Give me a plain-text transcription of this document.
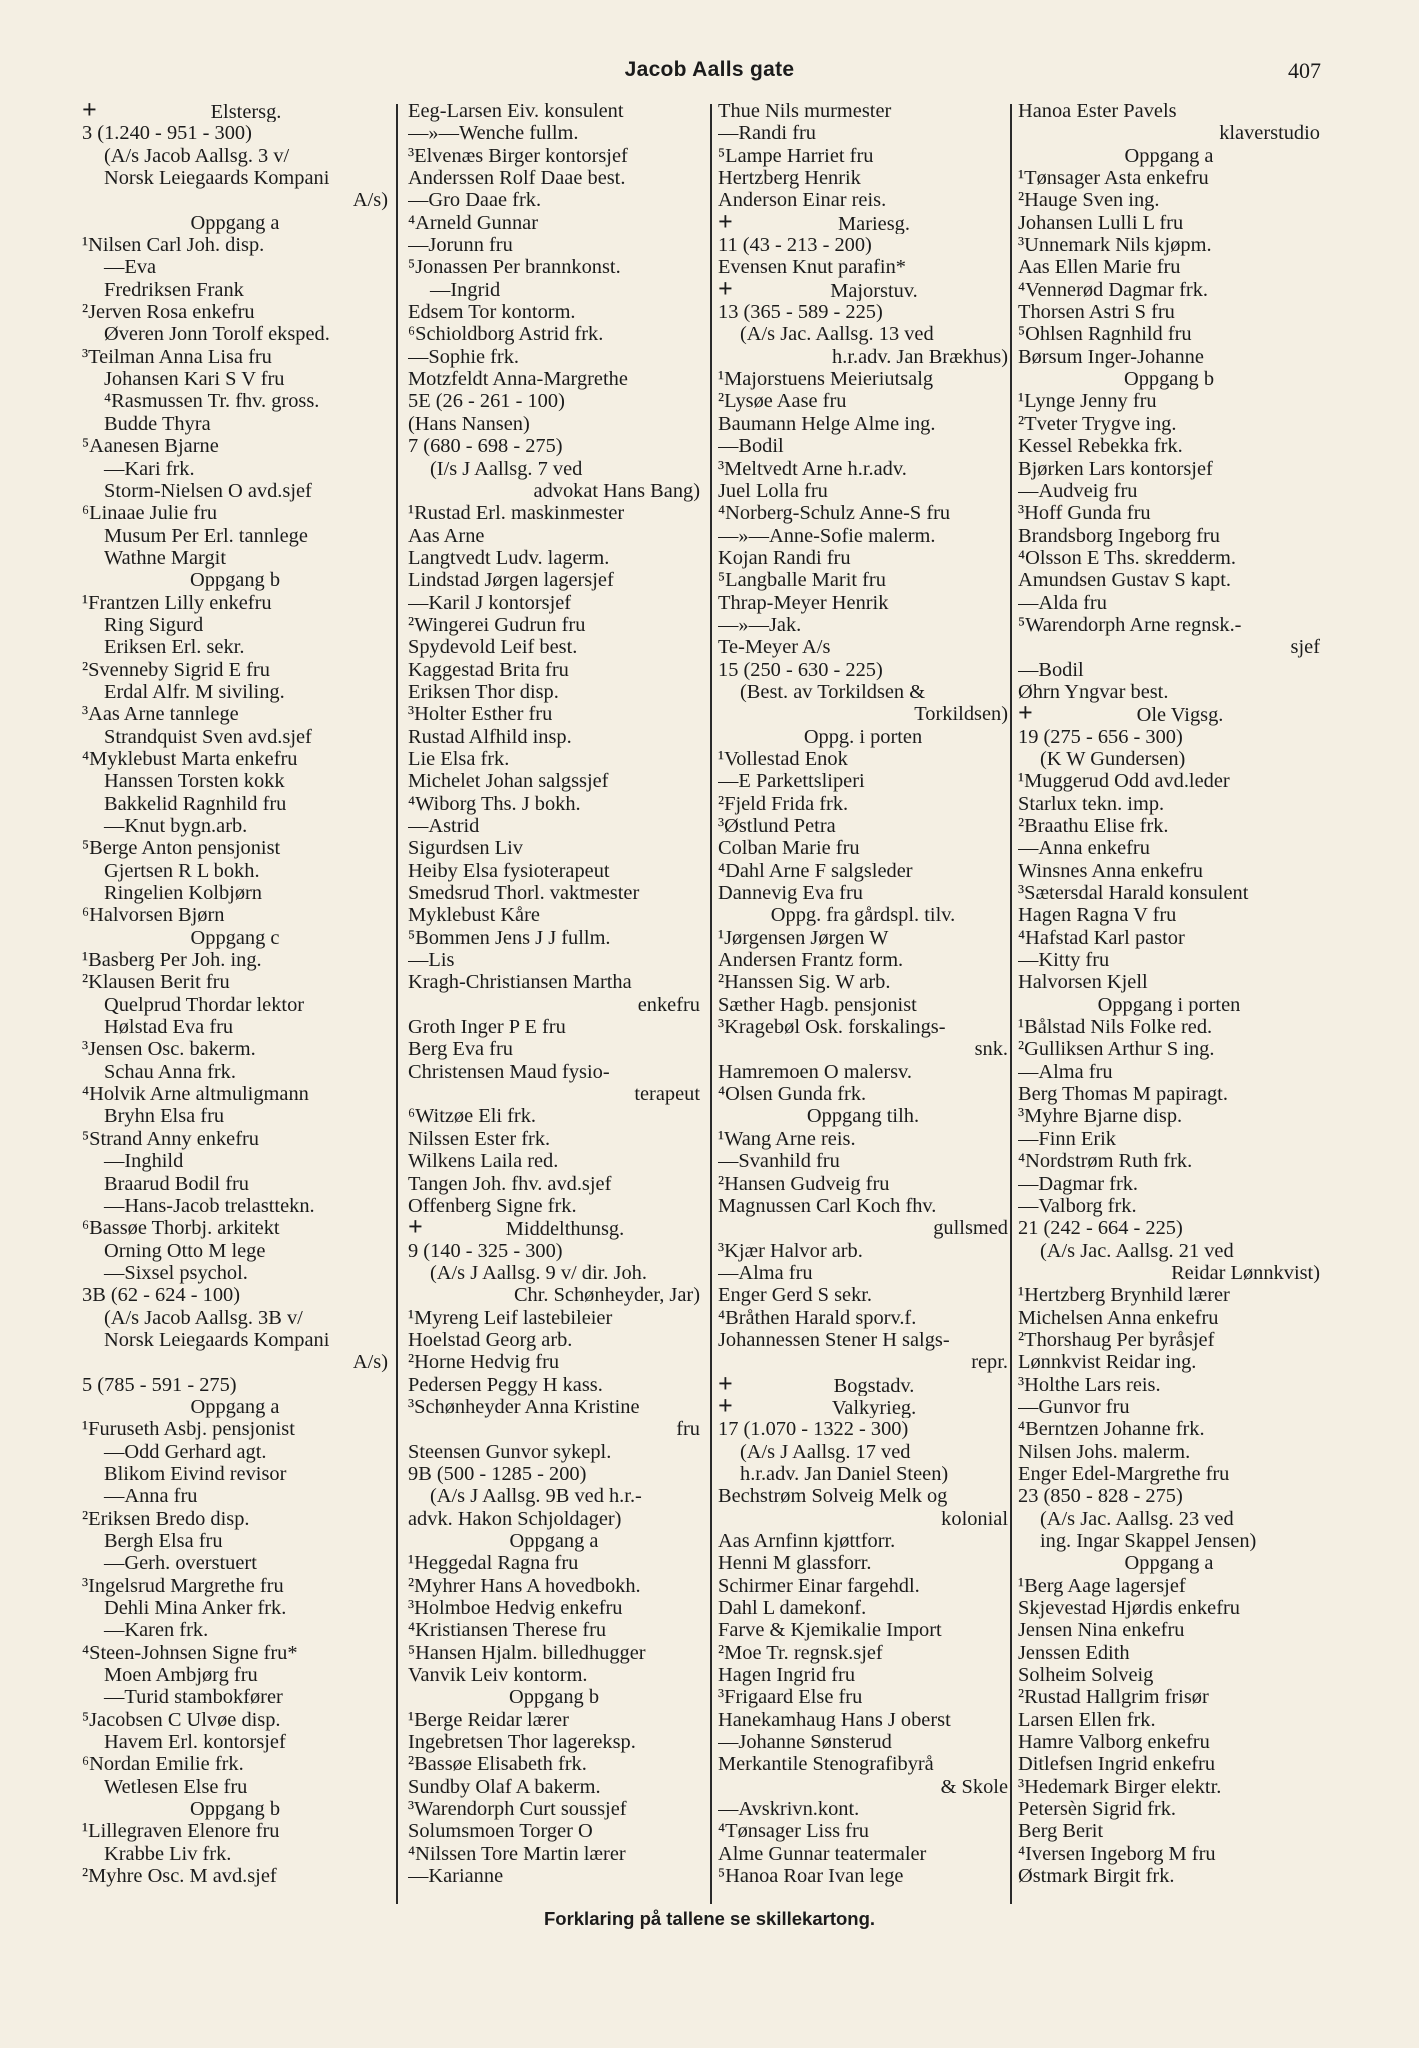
Jacob Aalls gate	407
+	Elstersg.
3 (1.240 - 951 - 300)
(A/s Jacob Aallsg. 3 v/
Norsk Leiegaards Kompani
A/s)
Oppgang a
¹Nilsen Carl Joh. disp.
—Eva
Fredriksen Frank
²Jerven Rosa enkefru
Øveren Jonn Torolf eksped.
³Teilman Anna Lisa fru
Johansen Kari S V fru
⁴Rasmussen Tr. fhv. gross.
Budde Thyra
⁵Aanesen Bjarne
—Kari frk.
Storm-Nielsen O avd.sjef
⁶Linaae Julie fru
Musum Per Erl. tannlege
Wathne Margit
Oppgang b
¹Frantzen Lilly enkefru
Ring Sigurd
Eriksen Erl. sekr.
²Svenneby Sigrid E fru
Erdal Alfr. M siviling.
³Aas Arne tannlege
Strandquist Sven avd.sjef
⁴Myklebust Marta enkefru
Hanssen Torsten kokk
Bakkelid Ragnhild fru
—Knut bygn.arb.
⁵Berge Anton pensjonist
Gjertsen R L bokh.
Ringelien Kolbjørn
⁶Halvorsen Bjørn
Oppgang c
¹Basberg Per Joh. ing.
²Klausen Berit fru
Quelprud Thordar lektor
Hølstad Eva fru
³Jensen Osc. bakerm.
Schau Anna frk.
⁴Holvik Arne altmuligmann
Bryhn Elsa fru
⁵Strand Anny enkefru
—Inghild
Braarud Bodil fru
—Hans-Jacob trelasttekn.
⁶Bassøe Thorbj. arkitekt
Orning Otto M lege
—Sixsel psychol.
3B (62 - 624 - 100)
(A/s Jacob Aallsg. 3B v/
Norsk Leiegaards Kompani
A/s)
5 (785 - 591 - 275)
Oppgang a
¹Furuseth Asbj. pensjonist
—Odd Gerhard agt.
Blikom Eivind revisor
—Anna fru
²Eriksen Bredo disp.
Bergh Elsa fru
—Gerh. overstuert
³Ingelsrud Margrethe fru
Dehli Mina Anker frk.
—Karen frk.
⁴Steen-Johnsen Signe fru*
Moen Ambjørg fru
—Turid stambokfører
⁵Jacobsen C Ulvøe disp.
Havem Erl. kontorsjef
⁶Nordan Emilie frk.
Wetlesen Else fru
Oppgang b
¹Lillegraven Elenore fru
Krabbe Liv frk.
²Myhre Osc. M avd.sjef
Eeg-Larsen Eiv. konsulent
—»—Wenche fullm.
³Elvenæs Birger kontorsjef
Anderssen Rolf Daae best.
—Gro Daae frk.
⁴Arneld Gunnar
—Jorunn fru
⁵Jonassen Per brannkonst.
—Ingrid
Edsem Tor kontorm.
⁶Schioldborg Astrid frk.
—Sophie frk.
Motzfeldt Anna-Margrethe
5E (26 - 261 - 100)
(Hans Nansen)
7 (680 - 698 - 275)
(I/s J Aallsg. 7 ved
advokat Hans Bang)
¹Rustad Erl. maskinmester
Aas Arne
Langtvedt Ludv. lagerm.
Lindstad Jørgen lagersjef
—Karil J kontorsjef
²Wingerei Gudrun fru
Spydevold Leif best.
Kaggestad Brita fru
Eriksen Thor disp.
³Holter Esther fru
Rustad Alfhild insp.
Lie Elsa frk.
Michelet Johan salgssjef
⁴Wiborg Ths. J bokh.
—Astrid
Sigurdsen Liv
Heiby Elsa fysioterapeut
Smedsrud Thorl. vaktmester
Myklebust Kåre
⁵Bommen Jens J J fullm.
—Lis
Kragh-Christiansen Martha
enkefru
Groth Inger P E fru
Berg Eva fru
Christensen Maud fysio-
terapeut
⁶Witzøe Eli frk.
Nilssen Ester frk.
Wilkens Laila red.
Tangen Joh. fhv. avd.sjef
Offenberg Signe frk.
+	Middelthunsg.
9 (140 - 325 - 300)
(A/s J Aallsg. 9 v/ dir. Joh.
Chr. Schønheyder, Jar)
¹Myreng Leif lastebileier
Hoelstad Georg arb.
²Horne Hedvig fru
Pedersen Peggy H kass.
³Schønheyder Anna Kristine
fru
Steensen Gunvor sykepl.
9B (500 - 1285 - 200)
(A/s J Aallsg. 9B ved h.r.-
advk. Hakon Schjoldager)
Oppgang a
¹Heggedal Ragna fru
²Myhrer Hans A hovedbokh.
³Holmboe Hedvig enkefru
⁴Kristiansen Therese fru
⁵Hansen Hjalm. billedhugger
Vanvik Leiv kontorm.
Oppgang b
¹Berge Reidar lærer
Ingebretsen Thor lagereksp.
²Bassøe Elisabeth frk.
Sundby Olaf A bakerm.
³Warendorph Curt soussjef
Solumsmoen Torger O
⁴Nilssen Tore Martin lærer
—Karianne
Thue Nils murmester
—Randi fru
⁵Lampe Harriet fru
Hertzberg Henrik
Anderson Einar reis.
+	Mariesg.
11 (43 - 213 - 200)
Evensen Knut parafin*
+	Majorstuv.
13 (365 - 589 - 225)
(A/s Jac. Aallsg. 13 ved
h.r.adv. Jan Brækhus)
¹Majorstuens Meieriutsalg
²Lysøe Aase fru
Baumann Helge Alme ing.
—Bodil
³Meltvedt Arne h.r.adv.
Juel Lolla fru
⁴Norberg-Schulz Anne-S fru
—»—Anne-Sofie malerm.
Kojan Randi fru
⁵Langballe Marit fru
Thrap-Meyer Henrik
—»—Jak.
Te-Meyer A/s
15 (250 - 630 - 225)
(Best. av Torkildsen &
Torkildsen)
Oppg. i porten
¹Vollestad Enok
—E Parkettsliperi
²Fjeld Frida frk.
³Østlund Petra
Colban Marie fru
⁴Dahl Arne F salgsleder
Dannevig Eva fru
Oppg. fra gårdspl. tilv.
¹Jørgensen Jørgen W
Andersen Frantz form.
²Hanssen Sig. W arb.
Sæther Hagb. pensjonist
³Kragebøl Osk. forskalings-
snk.
Hamremoen O malersv.
⁴Olsen Gunda frk.
Oppgang tilh.
¹Wang Arne reis.
—Svanhild fru
²Hansen Gudveig fru
Magnussen Carl Koch fhv.
gullsmed
³Kjær Halvor arb.
—Alma fru
Enger Gerd S sekr.
⁴Bråthen Harald sporv.f.
Johannessen Stener H salgs-
repr.
+	Bogstadv.
+	Valkyrieg.
17 (1.070 - 1322 - 300)
(A/s J Aallsg. 17 ved
h.r.adv. Jan Daniel Steen)
Bechstrøm Solveig Melk og
kolonial
Aas Arnfinn kjøttforr.
Henni M glassforr.
Schirmer Einar fargehdl.
Dahl L damekonf.
Farve & Kjemikalie Import
²Moe Tr. regnsk.sjef
Hagen Ingrid fru
³Frigaard Else fru
Hanekamhaug Hans J oberst
—Johanne Sønsterud
Merkantile Stenografibyrå
& Skole
—Avskrivn.kont.
⁴Tønsager Liss fru
Alme Gunnar teatermaler
⁵Hanoa Roar Ivan lege
Hanoa Ester Pavels
klaverstudio
Oppgang a
¹Tønsager Asta enkefru
²Hauge Sven ing.
Johansen Lulli L fru
³Unnemark Nils kjøpm.
Aas Ellen Marie fru
⁴Vennerød Dagmar frk.
Thorsen Astri S fru
⁵Ohlsen Ragnhild fru
Børsum Inger-Johanne
Oppgang b
¹Lynge Jenny fru
²Tveter Trygve ing.
Kessel Rebekka frk.
Bjørken Lars kontorsjef
—Audveig fru
³Hoff Gunda fru
Brandsborg Ingeborg fru
⁴Olsson E Ths. skredderm.
Amundsen Gustav S kapt.
—Alda fru
⁵Warendorph Arne regnsk.-
sjef
—Bodil
Øhrn Yngvar best.
+	Ole Vigsg.
19 (275 - 656 - 300)
(K W Gundersen)
¹Muggerud Odd avd.leder
Starlux tekn. imp.
²Braathu Elise frk.
—Anna enkefru
Winsnes Anna enkefru
³Sætersdal Harald konsulent
Hagen Ragna V fru
⁴Hafstad Karl pastor
—Kitty fru
Halvorsen Kjell
Oppgang i porten
¹Bålstad Nils Folke red.
²Gulliksen Arthur S ing.
—Alma fru
Berg Thomas M papiragt.
³Myhre Bjarne disp.
—Finn Erik
⁴Nordstrøm Ruth frk.
—Dagmar frk.
—Valborg frk.
21 (242 - 664 - 225)
(A/s Jac. Aallsg. 21 ved
Reidar Lønnkvist)
¹Hertzberg Brynhild lærer
Michelsen Anna enkefru
²Thorshaug Per byråsjef
Lønnkvist Reidar ing.
³Holthe Lars reis.
—Gunvor fru
⁴Berntzen Johanne frk.
Nilsen Johs. malerm.
Enger Edel-Margrethe fru
23 (850 - 828 - 275)
(A/s Jac. Aallsg. 23 ved
ing. Ingar Skappel Jensen)
Oppgang a
¹Berg Aage lagersjef
Skjevestad Hjørdis enkefru
Jensen Nina enkefru
Jenssen Edith
Solheim Solveig
²Rustad Hallgrim frisør
Larsen Ellen frk.
Hamre Valborg enkefru
Ditlefsen Ingrid enkefru
³Hedemark Birger elektr.
Petersèn Sigrid frk.
Berg Berit
⁴Iversen Ingeborg M fru
Østmark Birgit frk.
Forklaring på tallene se skillekartong.
